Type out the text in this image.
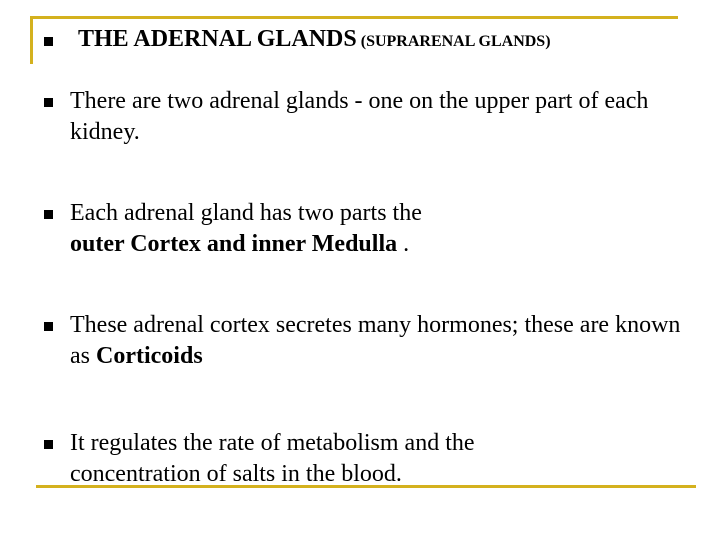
THE ADERNAL GLANDS (SUPRARENAL GLANDS)
There are two adrenal glands - one on the upper part of each kidney.
Each adrenal gland has two parts the
outer Cortex and inner Medulla .
These adrenal cortex secretes many hormones; these are known as Corticoids
It regulates the rate of metabolism and the concentration of salts in the blood.
